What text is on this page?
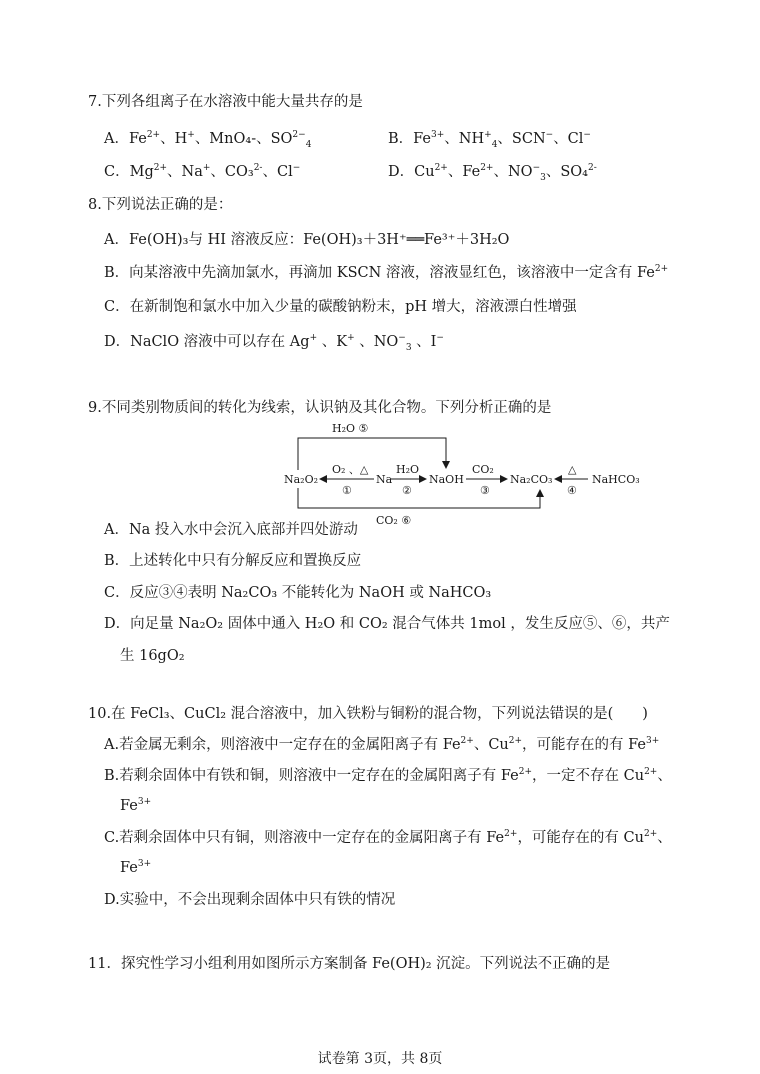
7.下列各组离子在水溶液中能大量共存的是
A．$Fe^{2+}$、H+、MnO₄-、$SO^{2-}_4$	B．$Fe^{3+}$、$NH^+_4$、SCN−、Cl−
C．$Mg^{2+}$、Na+、CO₃$^{2-}$、Cl−	D．$Cu^{2+}$、$Fe^{2+}$、$NO^-_3$、SO₄$^{2-}$
8.下列说法正确的是：
A．Fe(OH)₃与 HI 溶液反应：Fe(OH)₃＋3H⁺══Fe³⁺＋3H₂O
B．向某溶液中先滴加氯水，再滴加 KSCN 溶液，溶液显红色，该溶液中一定含有 $Fe^{2+}$
C．在新制饱和氯水中加入少量的碳酸钠粉末，pH 增大，溶液漂白性增强
D．NaClO 溶液中可以存在 Ag+ 、K+ 、$NO^-_3$ 、I−
9.不同类别物质间的转化为线索，认识钠及其化合物。下列分析正确的是
H₂O ⑤
Na₂O₂	Na	NaOH	Na₂CO₃	NaHCO₃
O₂ 、△
①
H₂O
②
CO₂
③
△
④
CO₂ ⑥
A．Na 投入水中会沉入底部并四处游动
B．上述转化中只有分解反应和置换反应
C．反应③④表明 Na₂CO₃ 不能转化为 NaOH 或 NaHCO₃
D．向足量 Na₂O₂ 固体中通入 H₂O 和 CO₂ 混合气体共 1mol ，发生反应⑤、⑥，共产
生 16gO₂
10.在 FeCl₃、CuCl₂ 混合溶液中，加入铁粉与铜粉的混合物，下列说法错误的是(　　)
A.若金属无剩余，则溶液中一定存在的金属阳离子有 $Fe^{2+}$、$Cu^{2+}$，可能存在的有 $Fe^{3+}$
B.若剩余固体中有铁和铜，则溶液中一定存在的金属阳离子有 $Fe^{2+}$，一定不存在 $Cu^{2+}$、
$Fe^{3+}$
C.若剩余固体中只有铜，则溶液中一定存在的金属阳离子有 $Fe^{2+}$，可能存在的有 $Cu^{2+}$、
$Fe^{3+}$
D.实验中，不会出现剩余固体中只有铁的情况
11．探究性学习小组利用如图所示方案制备 Fe(OH)₂ 沉淀。下列说法不正确的是
试卷第 3页，共 8页
